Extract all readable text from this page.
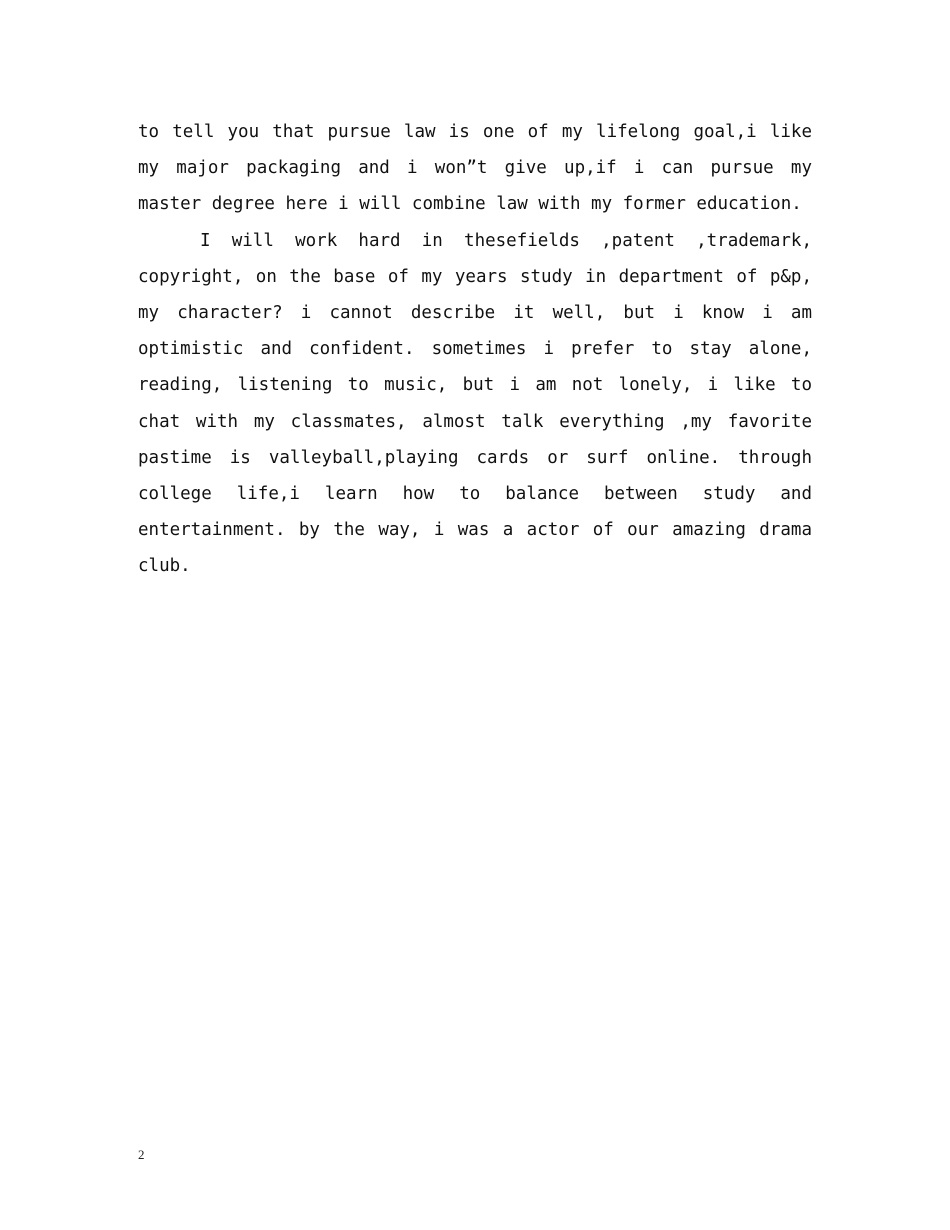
to tell you that pursue law is one of my lifelong goal,i like my major packaging and i won”t give up,if i can pursue my master degree here i will combine law with my former education.

I will work hard in thesefields ,patent ,trademark, copyright, on the base of my years study in department of p&p, my character? i cannot describe it well, but i know i am optimistic and confident. sometimes i prefer to stay alone, reading, listening to music, but i am not lonely, i like to chat with my classmates, almost talk everything ,my favorite pastime is valleyball,playing cards or surf online. through college life,i learn how to balance between study and entertainment. by the way, i was a actor of our amazing drama club.

2
